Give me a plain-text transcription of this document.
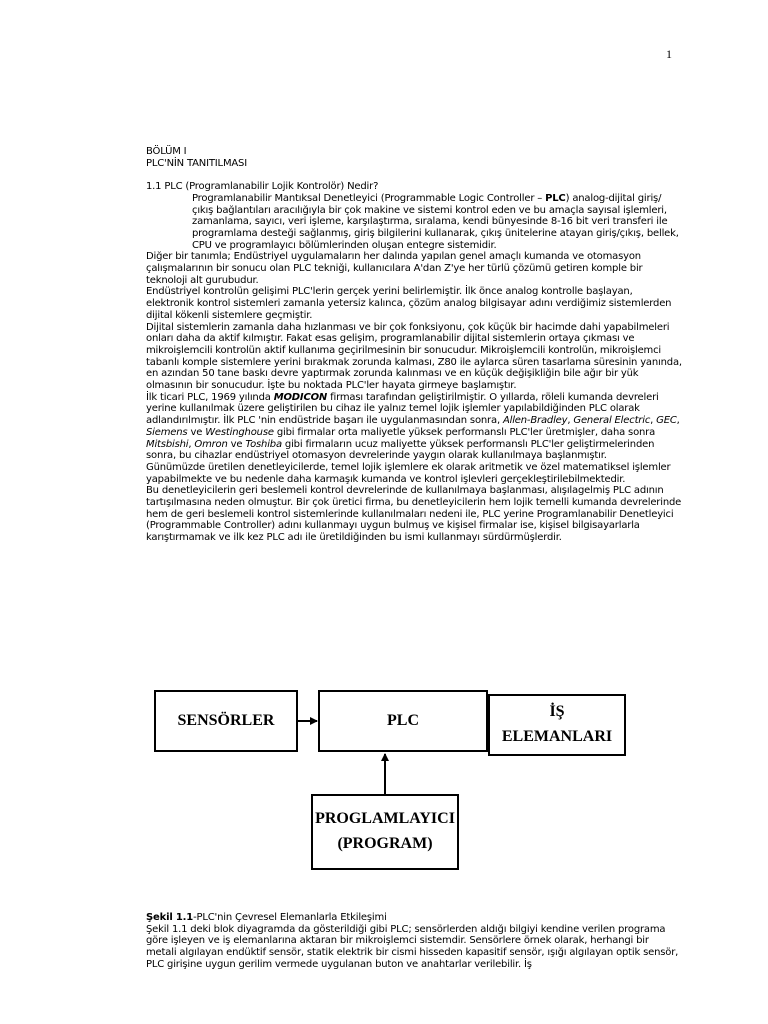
1

BÖLÜM I

PLC'NİN TANITILMASI

1.1 PLC (Programlanabilir Lojik Kontrolör) Nedir?

Programlanabilir Mantıksal Denetleyici (Programmable Logic Controller – PLC) analog-dijital giriş/çıkış bağlantıları aracılığıyla bir çok makine ve sistemi kontrol eden ve bu amaçla sayısal işlemleri, zamanlama, sayıcı, veri işleme, karşılaştırma, sıralama, kendi bünyesinde 8-16 bit veri transferi ile programlama desteği sağlanmış, giriş bilgilerini kullanarak, çıkış ünitelerine atayan giriş/çıkış, bellek, CPU ve programlayıcı bölümlerinden oluşan entegre sistemidir.

Diğer bir tanımla; Endüstriyel uygulamaların her dalında yapılan genel amaçlı kumanda ve otomasyon çalışmalarının bir sonucu olan PLC tekniği, kullanıcılara A'dan Z'ye her türlü çözümü getiren komple bir teknoloji alt gurubudur.

Endüstriyel kontrolün gelişimi PLC'lerin gerçek yerini belirlemiştir. İlk önce analog kontrolle başlayan, elektronik kontrol sistemleri zamanla yetersiz kalınca, çözüm analog bilgisayar adını verdiğimiz sistemlerden dijital kökenli sistemlere geçmiştir.

Dijital sistemlerin zamanla daha hızlanması ve bir çok fonksiyonu, çok küçük bir hacimde dahi yapabilmeleri onları daha da aktif kılmıştır. Fakat esas gelişim, programlanabilir dijital sistemlerin ortaya çıkması ve mikroişlemcili kontrolün aktif kullanıma geçirilmesinin bir sonucudur. Mikroişlemcili kontrolün, mikroişlemci tabanlı komple sistemlere yerini bırakmak zorunda kalması, Z80 ile aylarca süren tasarlama süresinin yanında, en azından 50 tane baskı devre yaptırmak zorunda kalınması ve en küçük değişikliğin bile ağır bir yük olmasının bir sonucudur. İşte bu noktada PLC'ler hayata girmeye başlamıştır.

İlk ticari PLC, 1969 yılında MODICON firması tarafından geliştirilmiştir. O yıllarda, röleli kumanda devreleri yerine kullanılmak üzere geliştirilen bu cihaz ile yalnız temel lojik işlemler yapılabildiğinden PLC olarak adlandırılmıştır. İlk PLC 'nin endüstride başarı ile uygulanmasından sonra, Allen-Bradley, General Electric, GEC, Siemens ve Westinghouse gibi firmalar orta maliyetle yüksek performanslı PLC'ler üretmişler, daha sonra Mitsbishi, Omron ve Toshiba gibi firmaların ucuz maliyette yüksek performanslı PLC'ler geliştirmelerinden sonra, bu cihazlar endüstriyel otomasyon devrelerinde yaygın olarak kullanılmaya başlanmıştır.

Günümüzde üretilen denetleyicilerde, temel lojik işlemlere ek olarak aritmetik ve özel matematiksel işlemler yapabilmekte ve bu nedenle daha karmaşık kumanda ve kontrol işlevleri gerçekleştirilebilmektedir.

Bu denetleyicilerin geri beslemeli kontrol devrelerinde de kullanılmaya başlanması, alışılagelmiş PLC adının tartışılmasına neden olmuştur. Bir çok üretici firma, bu denetleyicilerin hem lojik temelli kumanda devrelerinde hem de geri beslemeli kontrol sistemlerinde kullanılmaları nedeni ile, PLC yerine Programlanabilir Denetleyici (Programmable Controller) adını kullanmayı uygun bulmuş ve kişisel firmalar ise, kişisel bilgisayarlarla karıştırmamak ve ilk kez PLC adı ile üretildiğinden bu ismi kullanmayı sürdürmüşlerdir.

SENSÖRLER	PLC	İŞ
ELEMANLARI
PROGLAMLAYICI
(PROGRAM)

Şekil 1.1-PLC'nin Çevresel Elemanlarla Etkileşimi

Şekil 1.1 deki blok diyagramda da gösterildiği gibi PLC; sensörlerden aldığı bilgiyi kendine verilen programa göre işleyen ve iş elemanlarına aktaran bir mikroişlemci sistemdir. Sensörlere örnek olarak, herhangi bir metali algılayan endüktif sensör, statik elektrik bir cismi hisseden kapasitif sensör, ışığı algılayan optik sensör, PLC girişine uygun gerilim vermede uygulanan buton ve anahtarlar verilebilir. İş
